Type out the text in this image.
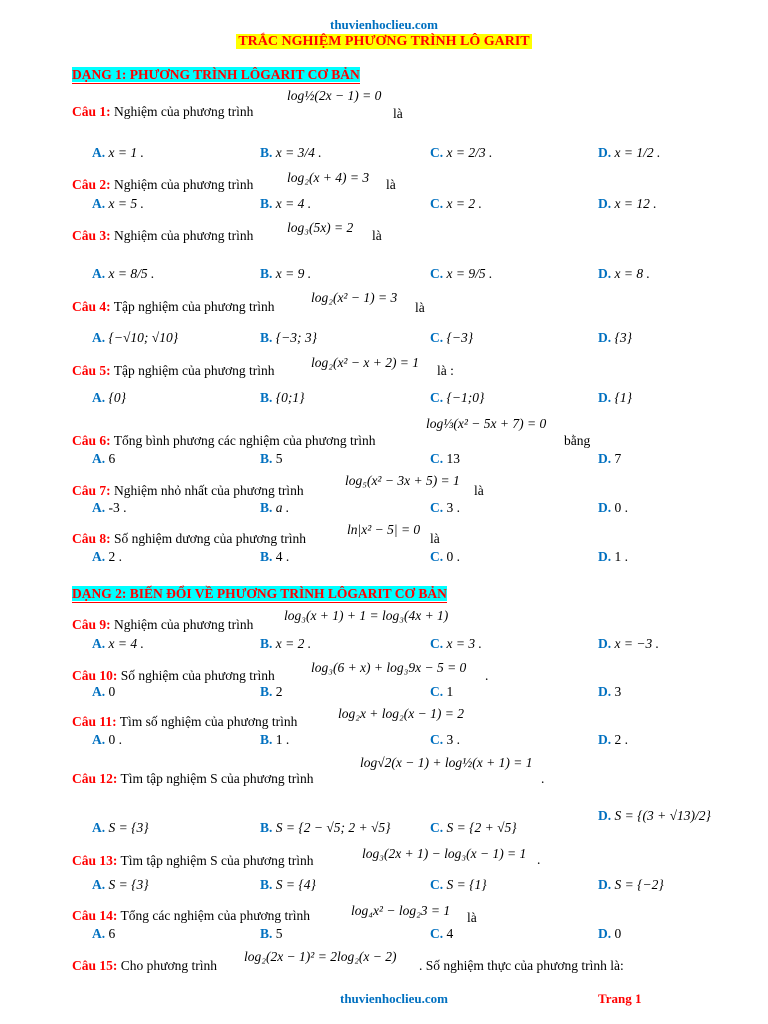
thuvienhoclieu.com
TRẮC NGHIỆM PHƯƠNG TRÌNH LÔ GARIT
DẠNG 1: PHƯƠNG TRÌNH LÔGARIT CƠ BẢN
Câu 1: Nghiệm của phương trình
log½(2x − 1) = 0
là
A. x = 1 .	B. x = 3/4 .	C. x = 2/3 .	D. x = 1/2 .
Câu 2: Nghiệm của phương trình log₂(x + 4) = 3 là
A. x = 5 .	B. x = 4 .	C. x = 2 .	D. x = 12 .
Câu 3: Nghiệm của phương trình
log₃(5x) = 2
là
A. x = 8/5 .	B. x = 9 .	C. x = 9/5 .	D. x = 8 .
Câu 4: Tập nghiệm của phương trình
log₂(x² − 1) = 3
là
A. {−√10; √10}	B. {−3; 3}	C. {−3}	D. {3}
Câu 5: Tập nghiệm của phương trình
log₂(x² − x + 2) = 1
là :
A. {0}	B. {0;1}	C. {−1;0}	D. {1}
Câu 6: Tổng bình phương các nghiệm của phương trình
log⅓(x² − 5x + 7) = 0
bằng
A. 6	B. 5	C. 13	D. 7
Câu 7: Nghiệm nhỏ nhất của phương trình
log₅(x² − 3x + 5) = 1
là
A. -3 .	B. a .	C. 3 .	D. 0 .
Câu 8: Số nghiệm dương của phương trình
ln|x² − 5| = 0
là
A. 2 .	B. 4 .	C. 0 .	D. 1 .
DẠNG 2: BIẾN ĐỔI VỀ PHƯƠNG TRÌNH LÔGARIT CƠ BẢN
Câu 9: Nghiệm của phương trình
log₃(x + 1) + 1 = log₃(4x + 1)
A. x = 4 .	B. x = 2 .	C. x = 3 .	D. x = −3 .
Câu 10: Số nghiệm của phương trình
log₃(6 + x) + log₃9x − 5 = 0
.
A. 0	B. 2	C. 1	D. 3
Câu 11: Tìm số nghiệm của phương trình
log₂x + log₂(x − 1) = 2
A. 0 .	B. 1 .	C. 3 .	D. 2 .
Câu 12: Tìm tập nghiệm S của phương trình
log√2(x − 1) + log½(x + 1) = 1
.
A. S = {3}	B. S = {2 − √5; 2 + √5}	C. S = {2 + √5}
D. S = {(3 + √13)/2}
Câu 13: Tìm tập nghiệm S của phương trình	log₃(2x + 1) − log₃(x − 1) = 1 .
A. S = {3}	B. S = {4}	C. S = {1}	D. S = {−2}
Câu 14: Tổng các nghiệm của phương trình	log₄x² − log₂3 = 1 là
A. 6	B. 5	C. 4	D. 0
Câu 15: Cho phương trình
log₂(2x − 1)² = 2log₂(x − 2)
. Số nghiệm thực của phương trình là:
thuvienhoclieu.com	Trang 1
